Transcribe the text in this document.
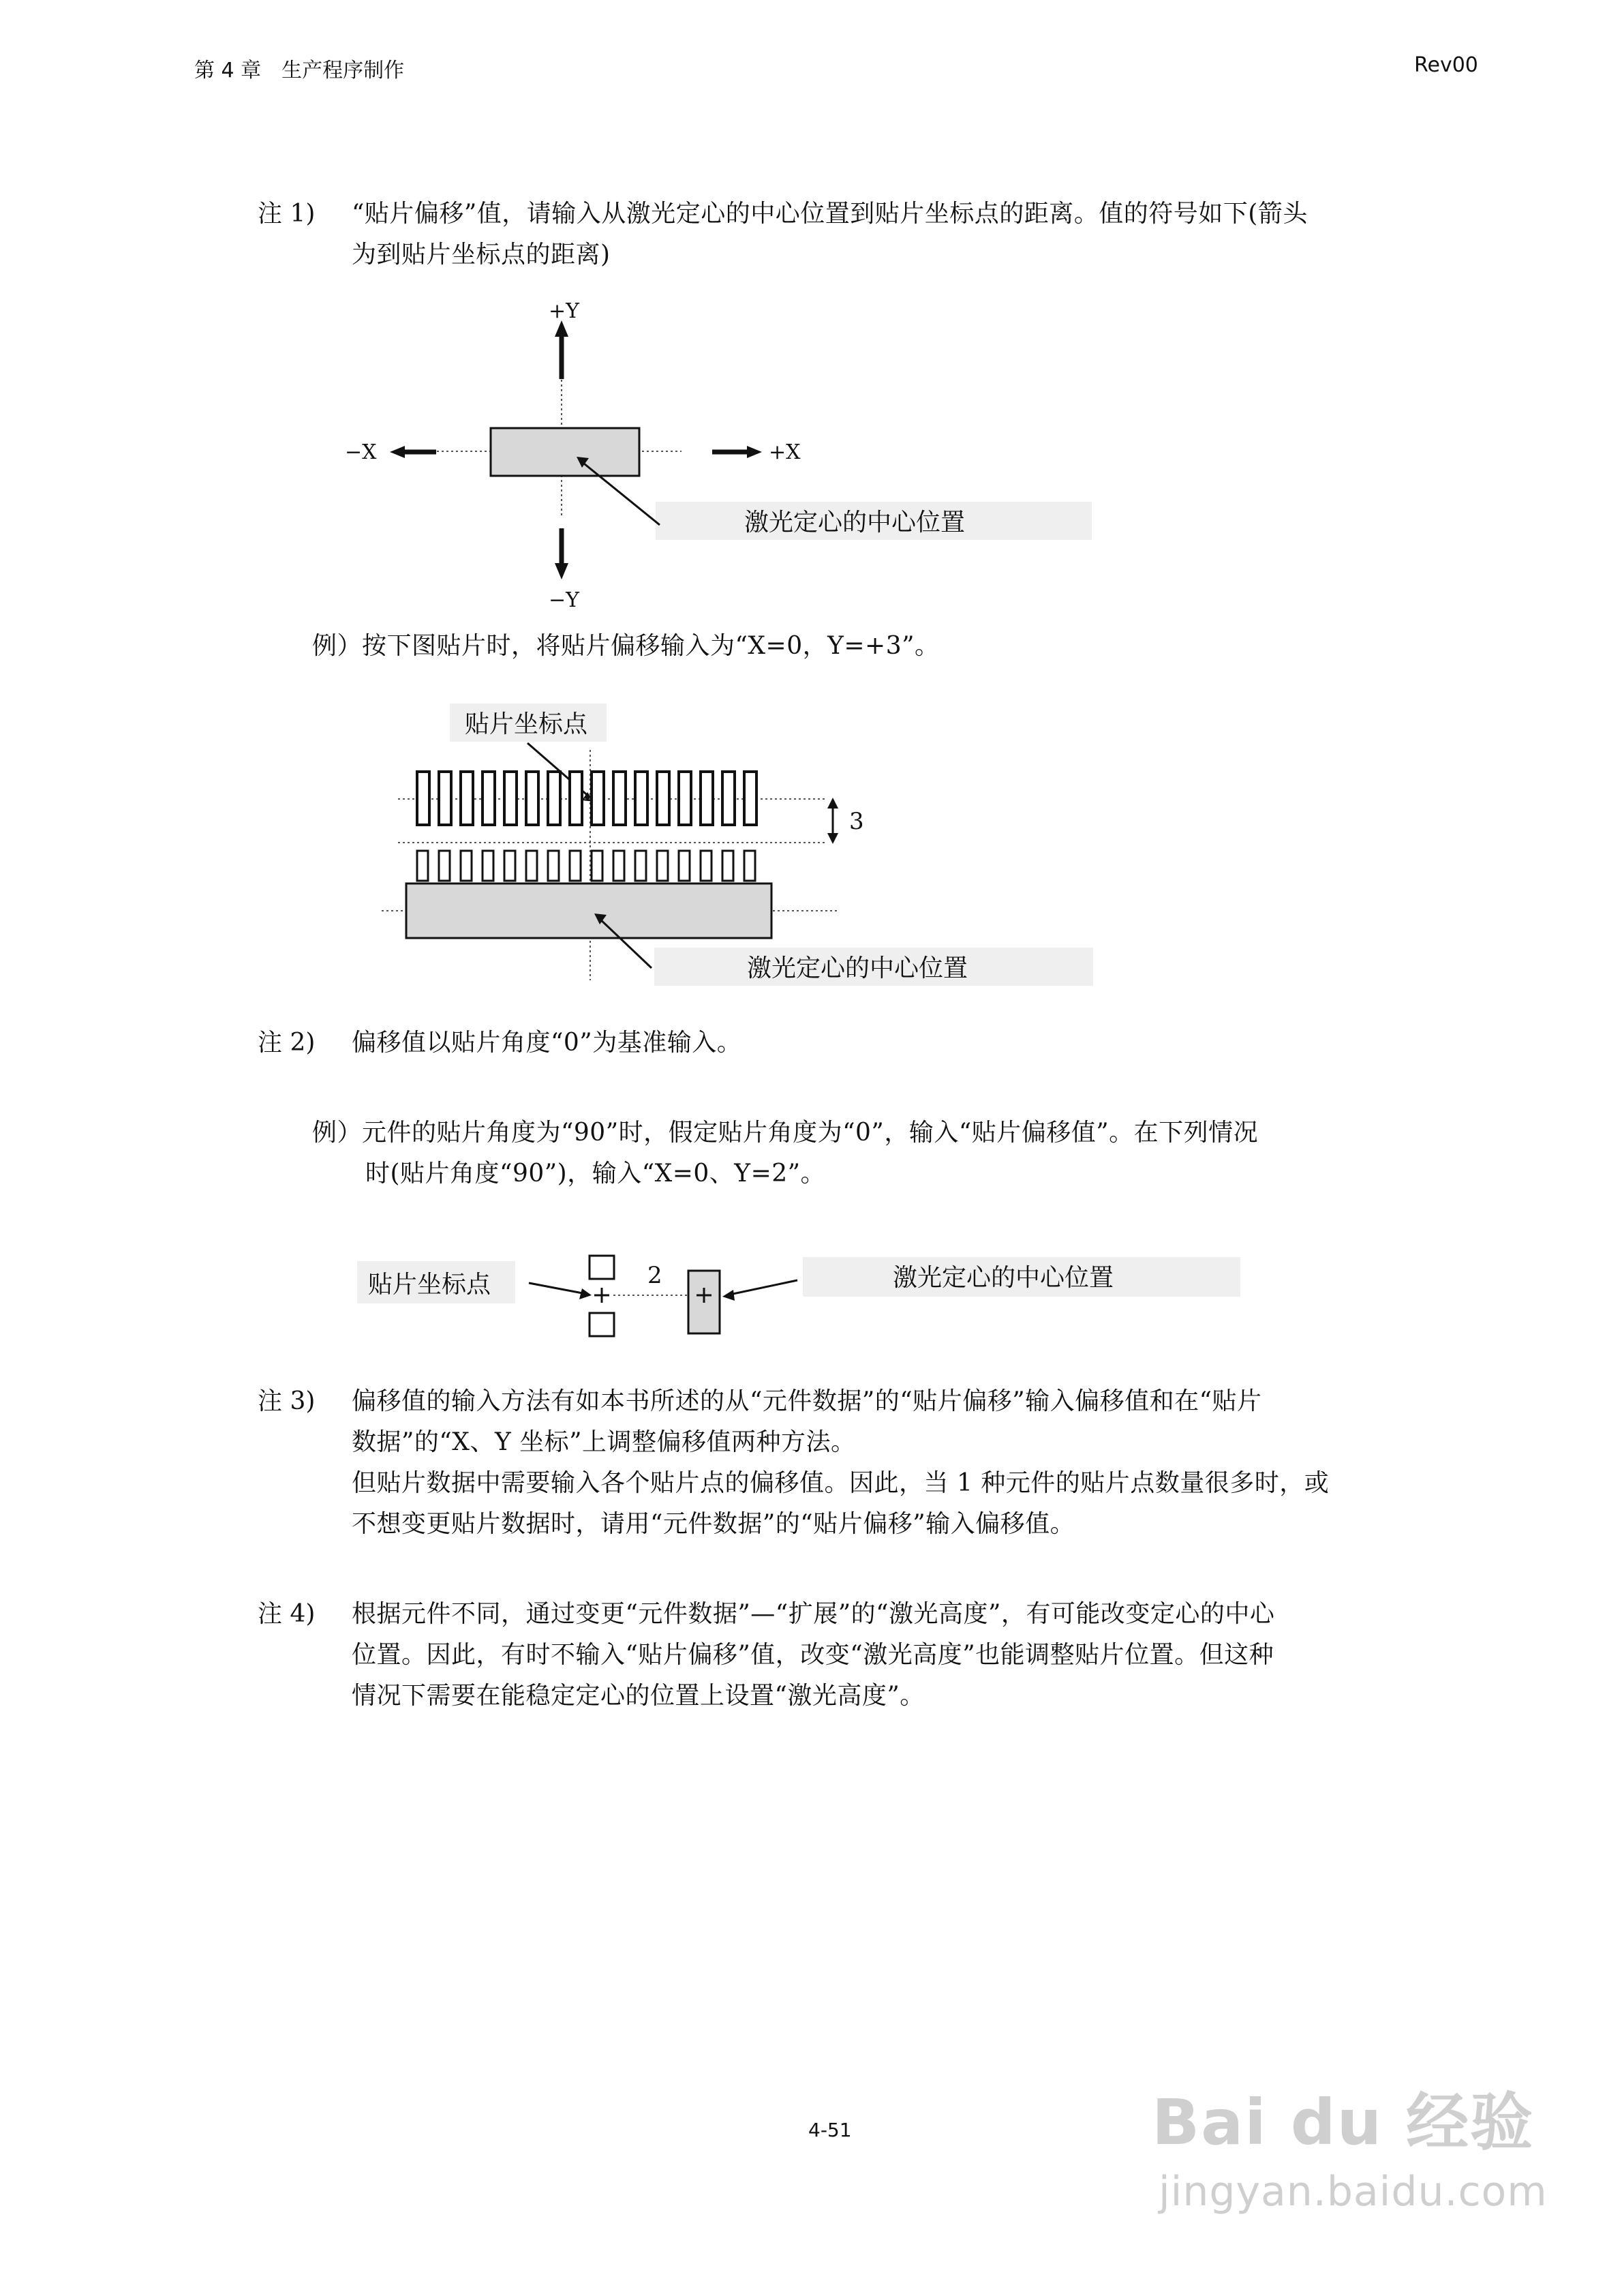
第 4 章　生产程序制作	Rev00
注 1) “贴片偏移”值，请输入从激光定心的中心位置到贴片坐标点的距离。值的符号如下(箭头
为到贴片坐标点的距离)
+Y
−Y
−X	+X
激光定心的中心位置
例）按下图贴片时，将贴片偏移输入为“X=0，Y=+3”。
贴片坐标点
3
激光定心的中心位置
注 2) 偏移值以贴片角度“0”为基准输入。
例）元件的贴片角度为“90”时，假定贴片角度为“0”，输入“贴片偏移值”。在下列情况
时(贴片角度“90”)，输入“X=0、Y=2”。
贴片坐标点	2	激光定心的中心位置
注 3) 偏移值的输入方法有如本书所述的从“元件数据”的“贴片偏移”输入偏移值和在“贴片
数据”的“X、Y 坐标”上调整偏移值两种方法。
但贴片数据中需要输入各个贴片点的偏移值。因此，当 1 种元件的贴片点数量很多时，或
不想变更贴片数据时，请用“元件数据”的“贴片偏移”输入偏移值。
注 4) 根据元件不同，通过变更“元件数据”—“扩展”的“激光高度”，有可能改变定心的中心
位置。因此，有时不输入“贴片偏移”值，改变“激光高度”也能调整贴片位置。但这种
情况下需要在能稳定定心的位置上设置“激光高度”。
4-51	Bai du 经验
jingyan.baidu.com
